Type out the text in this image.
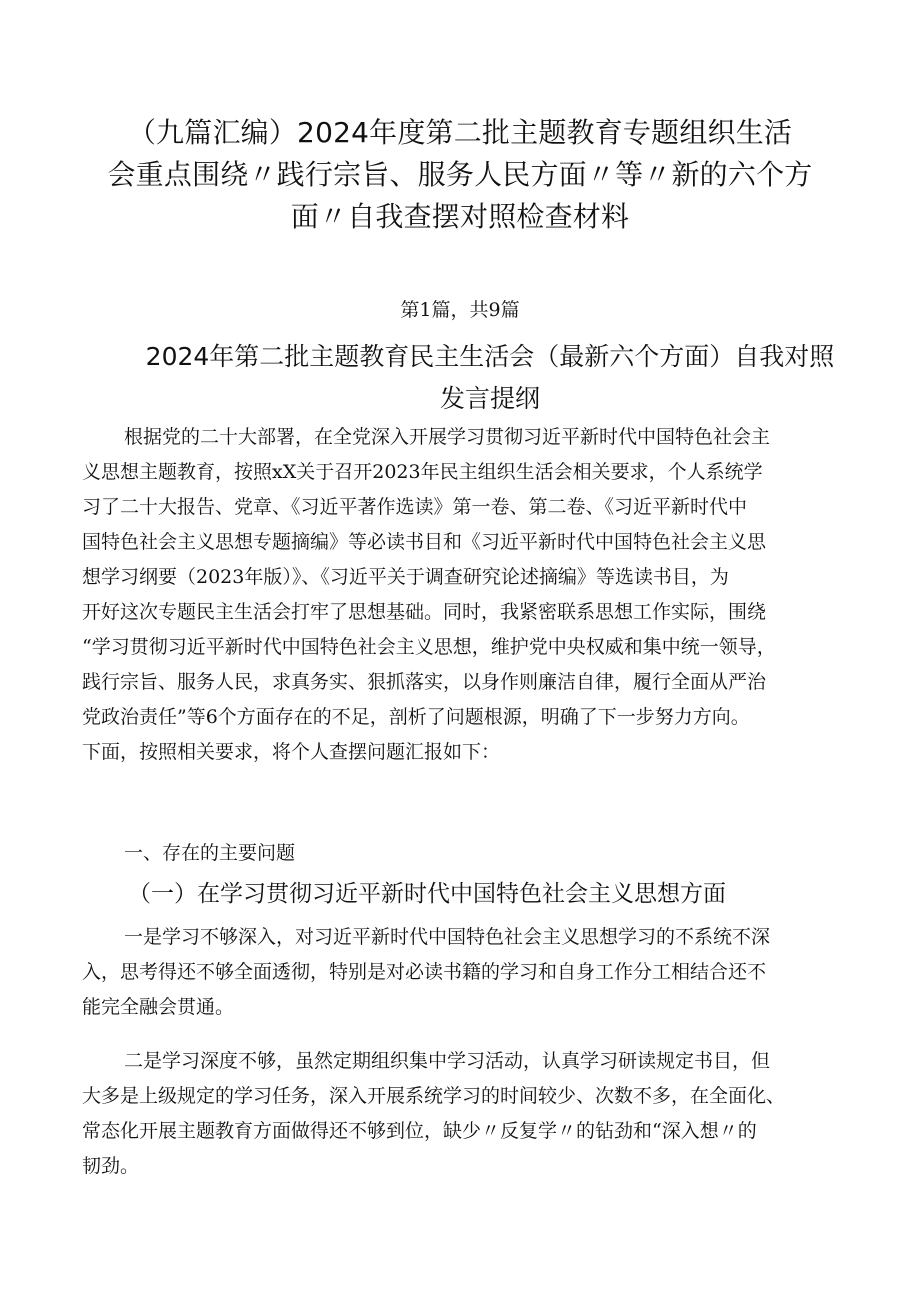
（九篇汇编）2024年度第二批主题教育专题组织生活
会重点围绕〃践行宗旨、服务人民方面〃等〃新的六个方
面〃自我查摆对照检查材料
第1篇，共9篇
2024年第二批主题教育民主生活会（最新六个方面）自我对照
发言提纲

根据党的二十大部署，在全党深入开展学习贯彻习近平新时代中国特色社会主
义思想主题教育，按照xX关于召开2023年民主组织生活会相关要求，个人系统学
习了二十大报告、党章、《习近平著作选读》第一卷、第二卷、《习近平新时代中
国特色社会主义思想专题摘编》等必读书目和《习近平新时代中国特色社会主义思
想学习纲要（2023年版）》、《习近平关于调查研究论述摘编》等选读书目，为
开好这次专题民主生活会打牢了思想基础。同时，我紧密联系思想工作实际，围绕
“学习贯彻习近平新时代中国特色社会主义思想，维护党中央权威和集中统一领导，
践行宗旨、服务人民，求真务实、狠抓落实，以身作则廉洁自律，履行全面从严治
党政治责任”等6个方面存在的不足，剖析了问题根源，明确了下一步努力方向。
下面，按照相关要求，将个人查摆问题汇报如下：

一、存在的主要问题
（一）在学习贯彻习近平新时代中国特色社会主义思想方面

一是学习不够深入，对习近平新时代中国特色社会主义思想学习的不系统不深
入，思考得还不够全面透彻，特别是对必读书籍的学习和自身工作分工相结合还不
能完全融会贯通。

二是学习深度不够，虽然定期组织集中学习活动，认真学习研读规定书目，但
大多是上级规定的学习任务，深入开展系统学习的时间较少、次数不多，在全面化、
常态化开展主题教育方面做得还不够到位，缺少〃反复学〃的钻劲和“深入想〃的
韧劲。
